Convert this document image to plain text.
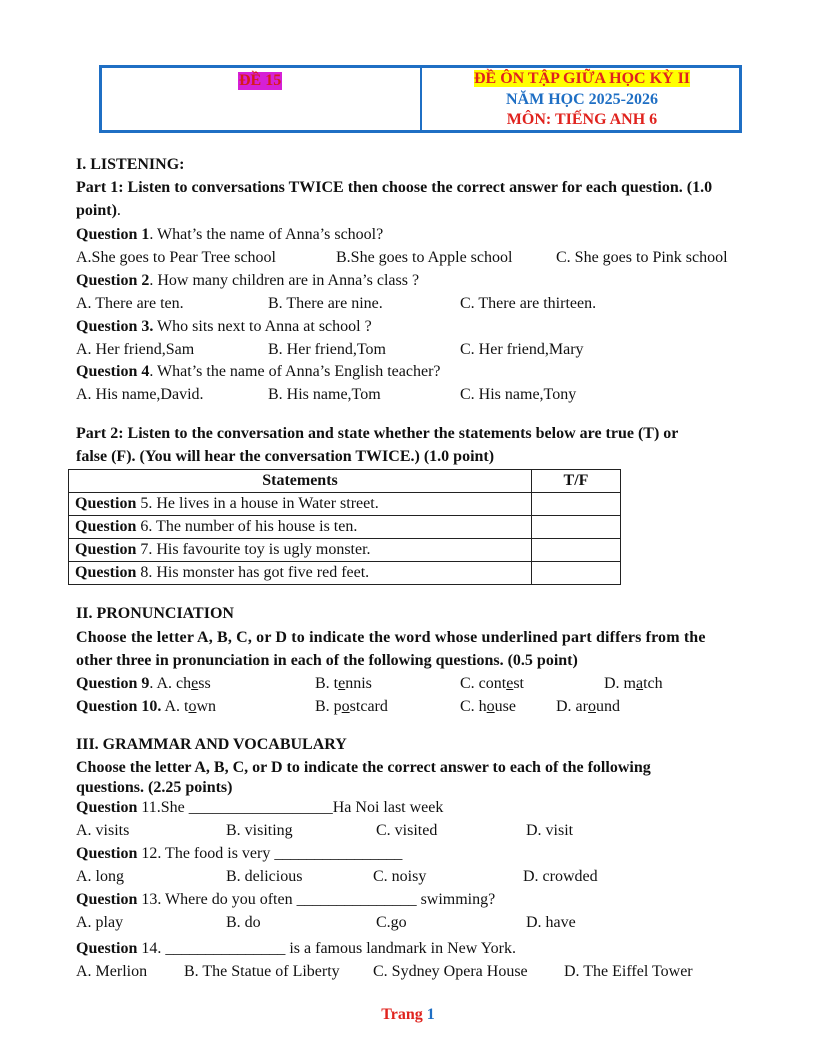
ĐỀ 15	ĐỀ ÔN TẬP GIỮA HỌC KỲ II
NĂM HỌC 2025-2026
MÔN: TIẾNG ANH 6
I. LISTENING:
Part 1: Listen to conversations TWICE then choose the correct answer for each question. (1.0
point).
Question 1. What’s the name of Anna’s school?
A.She goes to Pear Tree school	B.She goes to Apple school	C. She goes to Pink school
Question 2. How many children are in Anna’s class ?
A. There are ten.	B. There are nine.	C. There are thirteen.
Question 3. Who sits next to Anna at school ?
A. Her friend,Sam	B. Her friend,Tom	C. Her friend,Mary
Question 4. What’s the name of Anna’s English teacher?
A. His name,David.	B. His name,Tom	C. His name,Tony
Part 2: Listen to the conversation and state whether the statements below are true (T) or
false (F). (You will hear the conversation TWICE.) (1.0 point)
Statements	T/F
Question 5. He lives in a house in Water street.	
Question 6. The number of his house is ten.	
Question 7. His favourite toy is ugly monster.	
Question 8. His monster has got five red feet.	
II. PRONUNCIATION
Choose the letter A, B, C, or D to indicate the word whose underlined part differs from the
other three in pronunciation in each of the following questions. (0.5 point)
Question 9. A. chess	B. tennis	C. contest	D. match
Question 10. A. town	B. postcard	C. house	D. around
III. GRAMMAR AND VOCABULARY
Choose the letter A, B, C, or D to indicate the correct answer to each of the following
questions. (2.25 points)
Question 11.She __________________Ha Noi last week
A. visits	B. visiting	C. visited	D. visit
Question 12. The food is very ________________
A. long	B. delicious	C. noisy	D. crowded
Question 13. Where do you often _______________ swimming?
A. play	B. do	C.go	D. have
Question 14. _______________ is a famous landmark in New York.
A. Merlion B. The Statue of Liberty C. Sydney Opera House D. The Eiffel Tower
Trang 1
